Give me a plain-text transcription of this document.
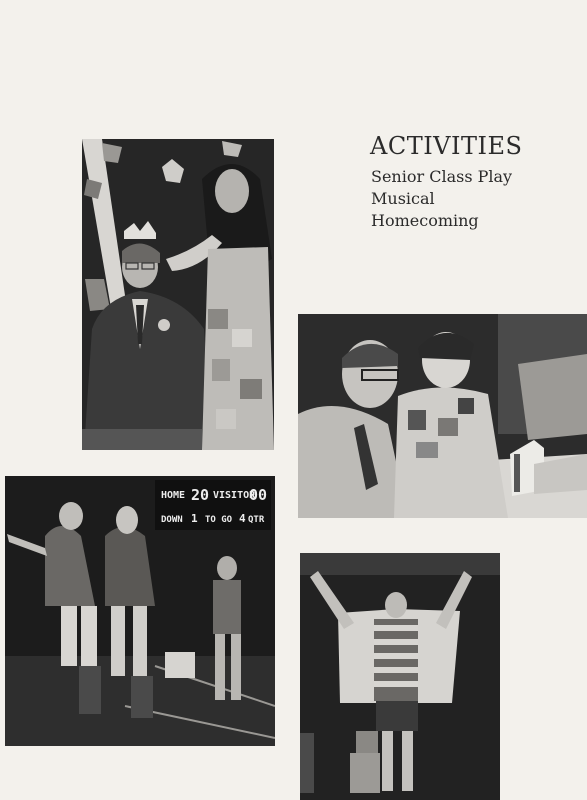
ACTIVITIES
Senior Class Play
Musical
Homecoming
HOME 20 VISITOR
00
DOWN 1 TO GO 4 QTR
